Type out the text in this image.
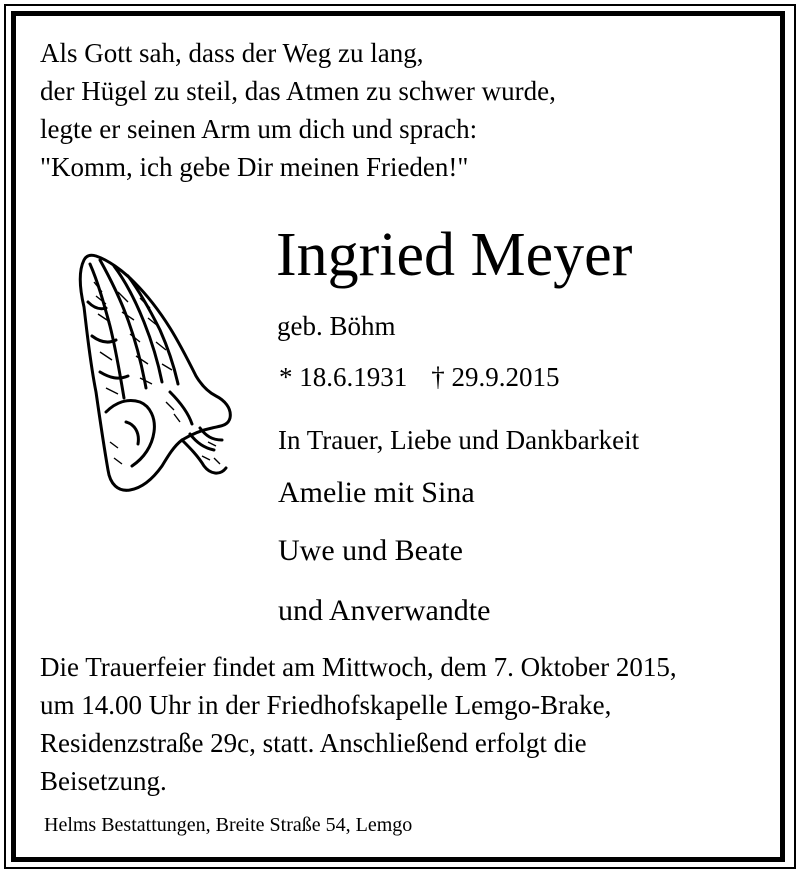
Als Gott sah, dass der Weg zu lang,
der Hügel zu steil, das Atmen zu schwer wurde,
legte er seinen Arm um dich und sprach:
"Komm, ich gebe Dir meinen Frieden!"
Ingried Meyer
geb. Böhm
* 18.6.1931 † 29.9.2015
In Trauer, Liebe und Dankbarkeit
Amelie mit Sina
Uwe und Beate
und Anverwandte
Die Trauerfeier findet am Mittwoch, dem 7. Oktober 2015,
um 14.00 Uhr in der Friedhofskapelle Lemgo-Brake,
Residenzstraße 29c, statt. Anschließend erfolgt die
Beisetzung.
Helms Bestattungen, Breite Straße 54, Lemgo
